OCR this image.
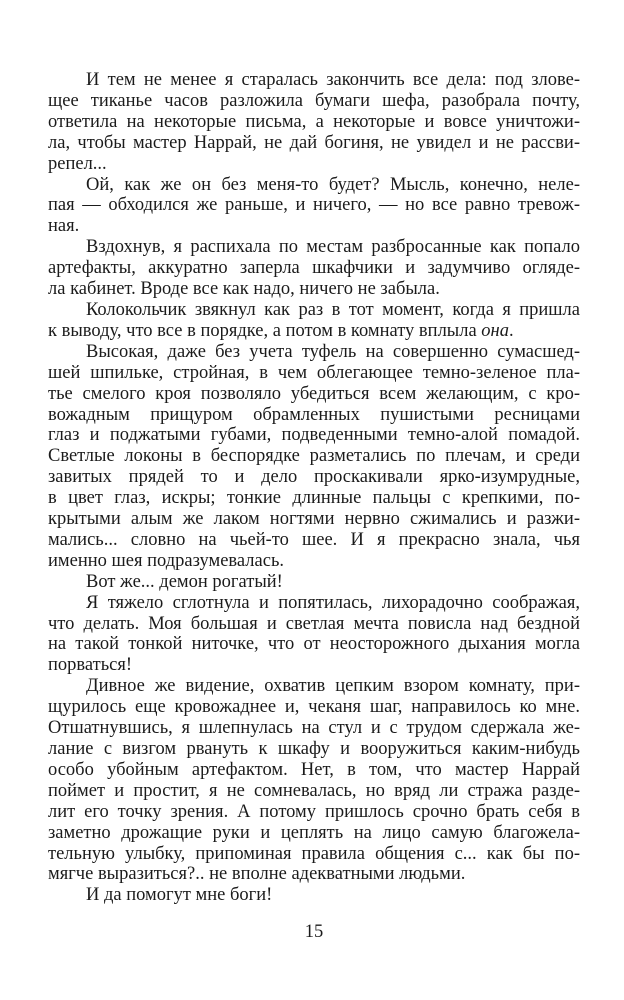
И тем не менее я старалась закончить все дела: под злове-
щее тиканье часов разложила бумаги шефа, разобрала почту,
ответила на некоторые письма, а некоторые и вовсе уничтожи-
ла, чтобы мастер Наррай, не дай богиня, не увидел и не рассви-
репел...
Ой, как же он без меня-то будет? Мысль, конечно, неле-
пая — обходился же раньше, и ничего, — но все равно тревож-
ная.
Вздохнув, я распихала по местам разбросанные как попало
артефакты, аккуратно заперла шкафчики и задумчиво огляде-
ла кабинет. Вроде все как надо, ничего не забыла.
Колокольчик звякнул как раз в тот момент, когда я пришла
к выводу, что все в порядке, а потом в комнату вплыла она.
Высокая, даже без учета туфель на совершенно сумасшед-
шей шпильке, стройная, в чем облегающее темно-зеленое пла-
тье смелого кроя позволяло убедиться всем желающим, с кро-
вожадным прищуром обрамленных пушистыми ресницами
глаз и поджатыми губами, подведенными темно-алой помадой.
Светлые локоны в беспорядке разметались по плечам, и среди
завитых прядей то и дело проскакивали ярко-изумрудные,
в цвет глаз, искры; тонкие длинные пальцы с крепкими, по-
крытыми алым же лаком ногтями нервно сжимались и разжи-
мались... словно на чьей-то шее. И я прекрасно знала, чья
именно шея подразумевалась.
Вот же... демон рогатый!
Я тяжело сглотнула и попятилась, лихорадочно соображая,
что делать. Моя большая и светлая мечта повисла над бездной
на такой тонкой ниточке, что от неосторожного дыхания могла
порваться!
Дивное же видение, охватив цепким взором комнату, при-
щурилось еще кровожаднее и, чеканя шаг, направилось ко мне.
Отшатнувшись, я шлепнулась на стул и с трудом сдержала же-
лание с визгом рвануть к шкафу и вооружиться каким-нибудь
особо убойным артефактом. Нет, в том, что мастер Наррай
поймет и простит, я не сомневалась, но вряд ли стража разде-
лит его точку зрения. А потому пришлось срочно брать себя в
заметно дрожащие руки и цеплять на лицо самую благожела-
тельную улыбку, припоминая правила общения с... как бы по-
мягче выразиться?.. не вполне адекватными людьми.
И да помогут мне боги!
15
